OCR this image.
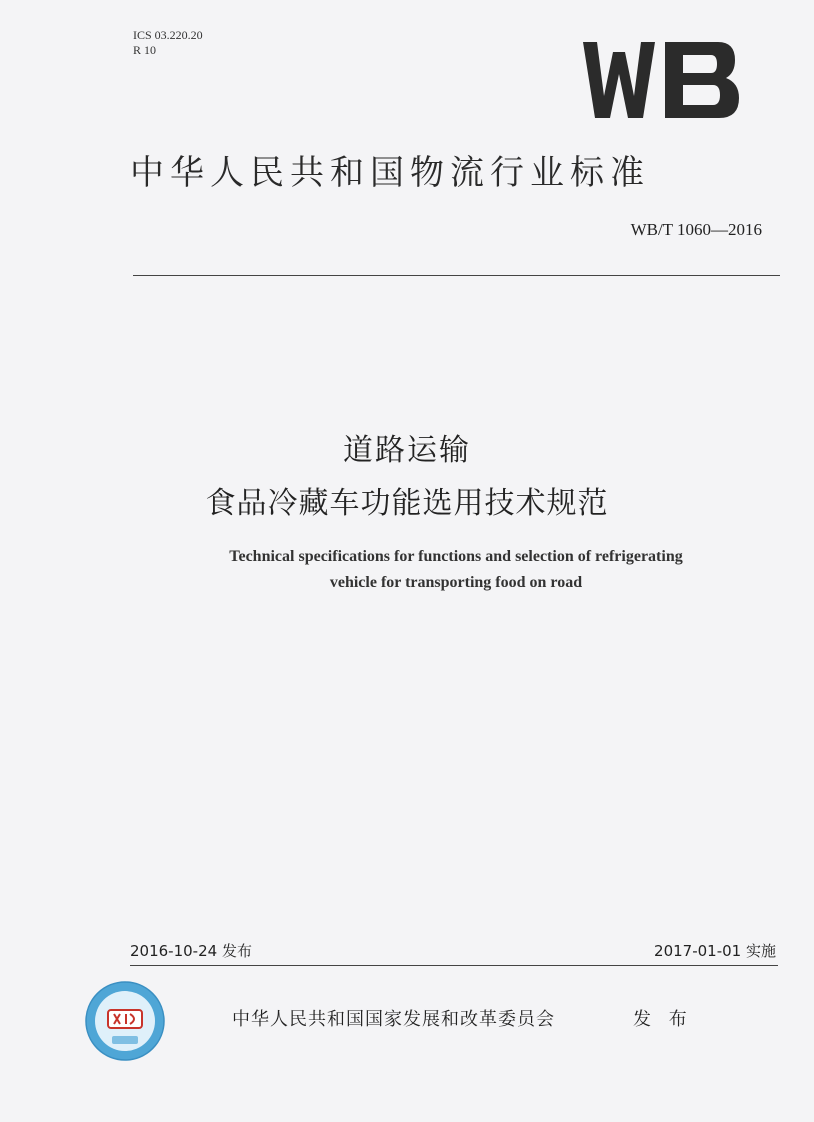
ICS 03.220.20
R 10
中华人民共和国物流行业标准
WB/T 1060—2016
道路运输
食品冷藏车功能选用技术规范
Technical specifications for functions and selection of refrigerating
vehicle for transporting food on road
2016-10-24 发布	2017-01-01 实施
中华人民共和国国家发展和改革委员会	发 布
